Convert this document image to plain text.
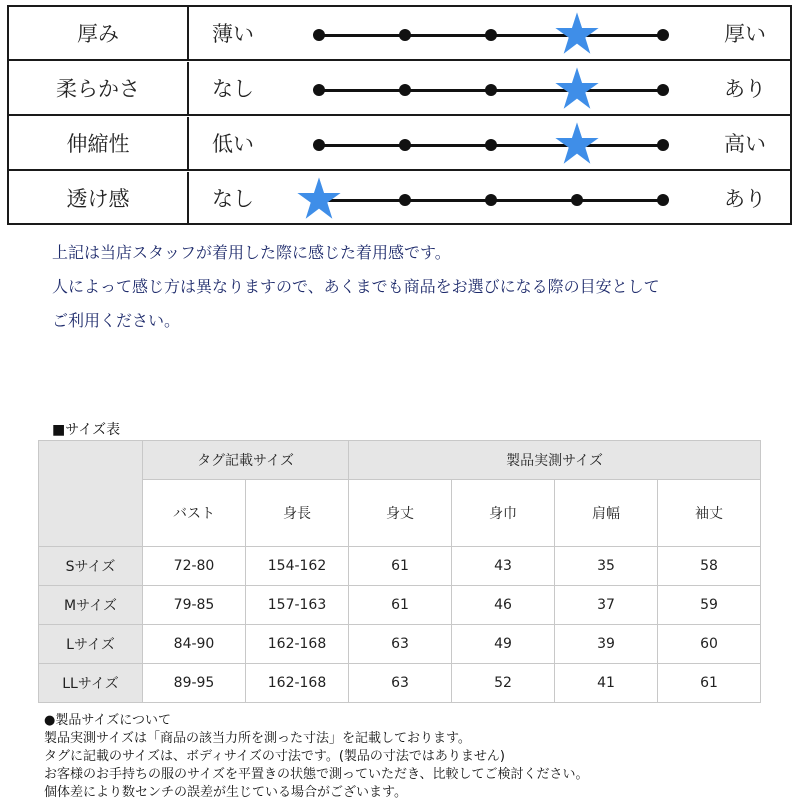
厚み	薄い	厚い
柔らかさ	なし	あり
伸縮性	低い	高い
透け感	なし	あり
上記は当店スタッフが着用した際に感じた着用感です。
人によって感じ方は異なりますので、あくまでも商品をお選びになる際の目安として
ご利用ください。
■サイズ表
	タグ記載サイズ		製品実測サイズ			
	バスト	身長	身丈	身巾	肩幅	袖丈
Sサイズ	72-80	154-162	61	43	35	58
Mサイズ	79-85	157-163	61	46	37	59
Lサイズ	84-90	162-168	63	49	39	60
LLサイズ	89-95	162-168	63	52	41	61
●製品サイズについて
製品実測サイズは「商品の該当力所を測った寸法」を記載しております。
タグに記載のサイズは、ボディサイズの寸法です。(製品の寸法ではありません)
お客様のお手持ちの服のサイズを平置きの状態で測っていただき、比較してご検討ください。
個体差により数センチの誤差が生じている場合がございます。
